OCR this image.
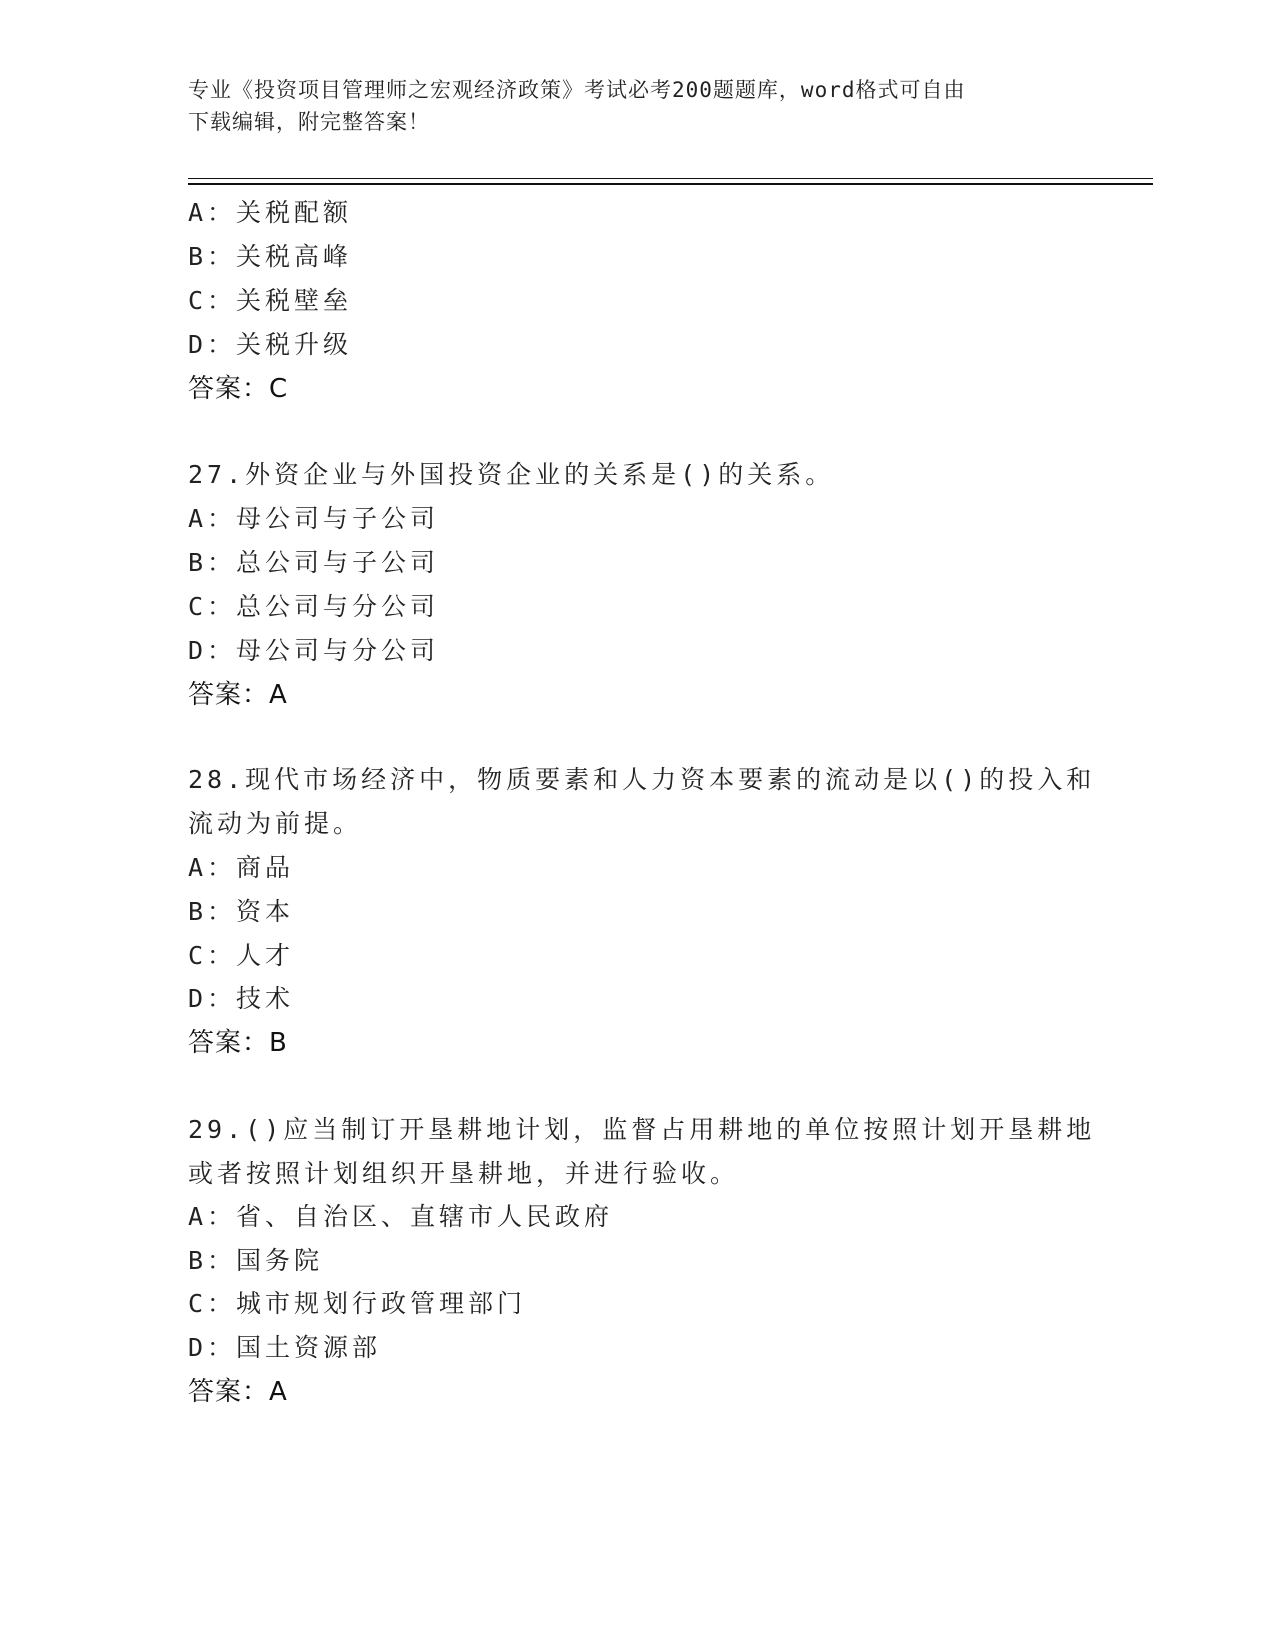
专业《投资项目管理师之宏观经济政策》考试必考200题题库，word格式可自由
下载编辑，附完整答案！
A：关税配额
B：关税高峰
C：关税壁垒
D：关税升级
答案：C
27.外资企业与外国投资企业的关系是()的关系。
A：母公司与子公司
B：总公司与子公司
C：总公司与分公司
D：母公司与分公司
答案：A
28.现代市场经济中，物质要素和人力资本要素的流动是以()的投入和
流动为前提。
A：商品
B：资本
C：人才
D：技术
答案：B
29.()应当制订开垦耕地计划，监督占用耕地的单位按照计划开垦耕地
或者按照计划组织开垦耕地，并进行验收。
A：省、自治区、直辖市人民政府
B：国务院
C：城市规划行政管理部门
D：国土资源部
答案：A
